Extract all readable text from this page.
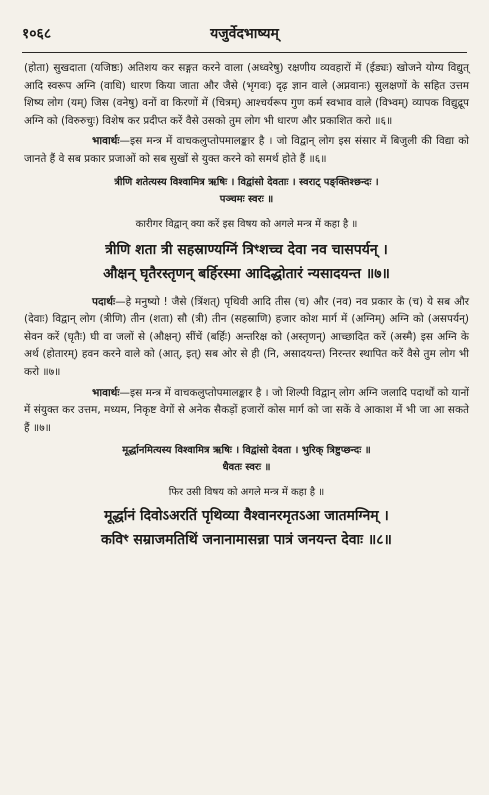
१०६८	यजुर्वेदभाष्यम्
(होता) सुखदाता (यजिष्ठः) अतिशय कर सङ्गत करने वाला (अध्वरेषु) रक्षणीय व्यवहारों में (ईड्यः) खोजने योग्य विद्युत् आदि स्वरूप अग्नि (वाधि) धारण किया जाता और जैसे (भृगवः) दृढ़ ज्ञान वाले (अप्नवानः) सुलक्षणों के सहित उत्तम शिष्य लोग (यम्) जिस (वनेषु) वनों वा किरणों में (चित्रम्) आश्चर्यरूप गुण कर्म स्वभाव वाले (विभ्वम्) व्यापक विद्युद्रूप अग्नि को (विरुरुचुः) विशेष कर प्रदीप्त करें वैसे उसको तुम लोग भी धारण और प्रकाशित करो ॥६॥
भावार्थः—इस मन्त्र में वाचकलुप्तोपमालङ्कार है । जो विद्वान् लोग इस संसार में बिजुली की विद्या को जानते हैं वे सब प्रकार प्रजाओं को सब सुखों से युक्त करने को समर्थ होते हैं ॥६॥
त्रीणि शतेत्यस्य विश्वामित्र ऋषिः । विद्वांसो देवताः । स्वराट् पङ्क्तिश्छन्दः ।
पञ्चमः स्वरः ॥
कारीगर विद्वान् क्या करें इस विषय को अगले मन्त्र में कहा है ॥
त्रीणि शता त्री सहस्राण्यग्निं त्रिꣳशच्च देवा नव चासपर्यन् ।
औक्षन् घृतैरस्तृणन् बर्हिरस्मा आदिद्धोतारं न्यसादयन्त ॥७॥
पदार्थः—हे मनुष्यो ! जैसे (त्रिंशत्) पृथिवी आदि तीस (च) और (नव) नव प्रकार के (च) ये सब और (देवाः) विद्वान् लोग (त्रीणि) तीन (शता) सौ (त्री) तीन (सहस्राणि) हजार कोश मार्ग में (अग्निम्) अग्नि को (असपर्यन्) सेवन करें (घृतैः) घी वा जलों से (औक्षन्) सींचें (बर्हिः) अन्तरिक्ष को (अस्तृणन्) आच्छादित करें (अस्मै) इस अग्नि के अर्थ (होतारम्) हवन करने वाले को (आत्, इत्) सब ओर से ही (नि, असादयन्त) निरन्तर स्थापित करें वैसे तुम लोग भी करो ॥७॥
भावार्थः—इस मन्त्र में वाचकलुप्तोपमालङ्कार है । जो शिल्पी विद्वान् लोग अग्नि जलादि पदार्थों को यानों में संयुक्त कर उत्तम, मध्यम, निकृष्ट वेगों से अनेक सैकड़ों हजारों कोस मार्ग को जा सकें वे आकाश में भी जा आ सकते हैं ॥७॥
मूर्द्धानमित्यस्य विश्वामित्र ऋषिः । विद्वांसो देवता । भुरिक् त्रिष्टुप्छन्दः ॥
धैवतः स्वरः ॥
फिर उसी विषय को अगले मन्त्र में कहा है ॥
मूर्द्धानं दिवोऽअरतिं पृथिव्या वैश्वानरमृतऽआ जातमग्निम् ।
कविꣳ सम्राजमतिथिं जनानामासन्ना पात्रं जनयन्त देवाः ॥८॥
